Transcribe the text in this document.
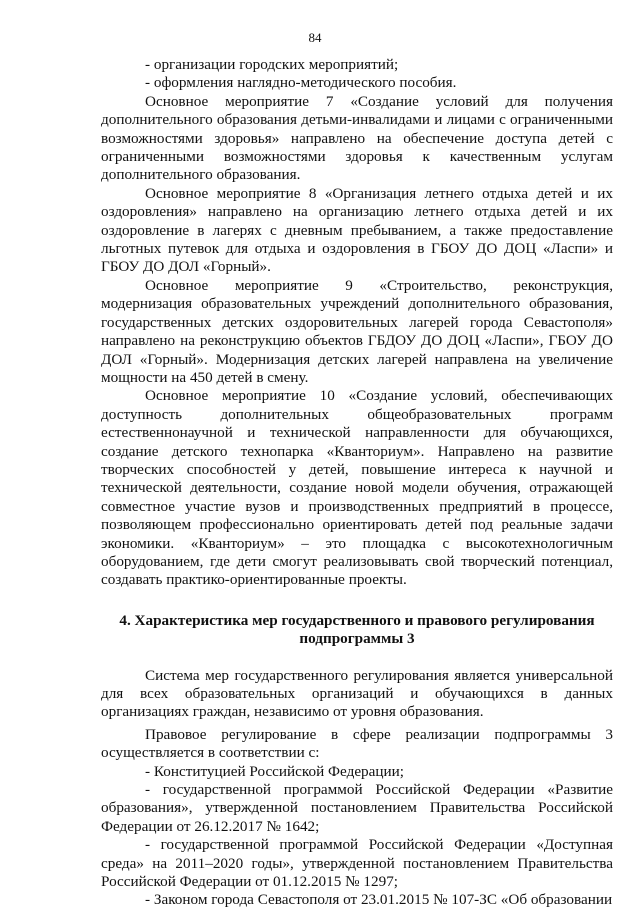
84

- организации городских мероприятий;

- оформления наглядно-методического пособия.

Основное мероприятие 7 «Создание условий для получения дополнительного образования детьми-инвалидами и лицами с ограниченными возможностями здоровья» направлено на обеспечение доступа детей с ограниченными возможностями здоровья к качественным услугам дополнительного образования.

Основное мероприятие 8 «Организация летнего отдыха детей и их оздоровления» направлено на организацию летнего отдыха детей и их оздоровление в лагерях с дневным пребыванием, а также предоставление льготных путевок для отдыха и оздоровления в ГБОУ ДО ДОЦ «Ласпи» и ГБОУ ДО ДОЛ «Горный».

Основное мероприятие 9 «Строительство, реконструкция, модернизация образовательных учреждений дополнительного образования, государственных детских оздоровительных лагерей города Севастополя» направлено на реконструкцию объектов ГБДОУ ДО ДОЦ «Ласпи», ГБОУ ДО ДОЛ «Горный». Модернизация детских лагерей направлена на увеличение мощности на 450 детей в смену.

Основное мероприятие 10 «Создание условий, обеспечивающих доступность дополнительных общеобразовательных программ естественнонаучной и технической направленности для обучающихся, создание детского технопарка «Кванториум». Направлено на развитие творческих способностей у детей, повышение интереса к научной и технической деятельности, создание новой модели обучения, отражающей совместное участие вузов и производственных предприятий в процессе, позволяющем профессионально ориентировать детей под реальные задачи экономики. «Кванториум» – это площадка с высокотехнологичным оборудованием, где дети смогут реализовывать свой творческий потенциал, создавать практико-ориентированные проекты.

4. Характеристика мер государственного и правового регулирования подпрограммы 3

Система мер государственного регулирования является универсальной для всех образовательных организаций и обучающихся в данных организациях граждан, независимо от уровня образования.

Правовое регулирование в сфере реализации подпрограммы 3 осуществляется в соответствии с:

- Конституцией Российской Федерации;

- государственной программой Российской Федерации «Развитие образования», утвержденной постановлением Правительства Российской Федерации от 26.12.2017 № 1642;

- государственной программой Российской Федерации «Доступная среда» на 2011–2020 годы», утвержденной постановлением Правительства Российской Федерации от 01.12.2015 № 1297;

- Законом города Севастополя от 23.01.2015 № 107-ЗС «Об образовании
